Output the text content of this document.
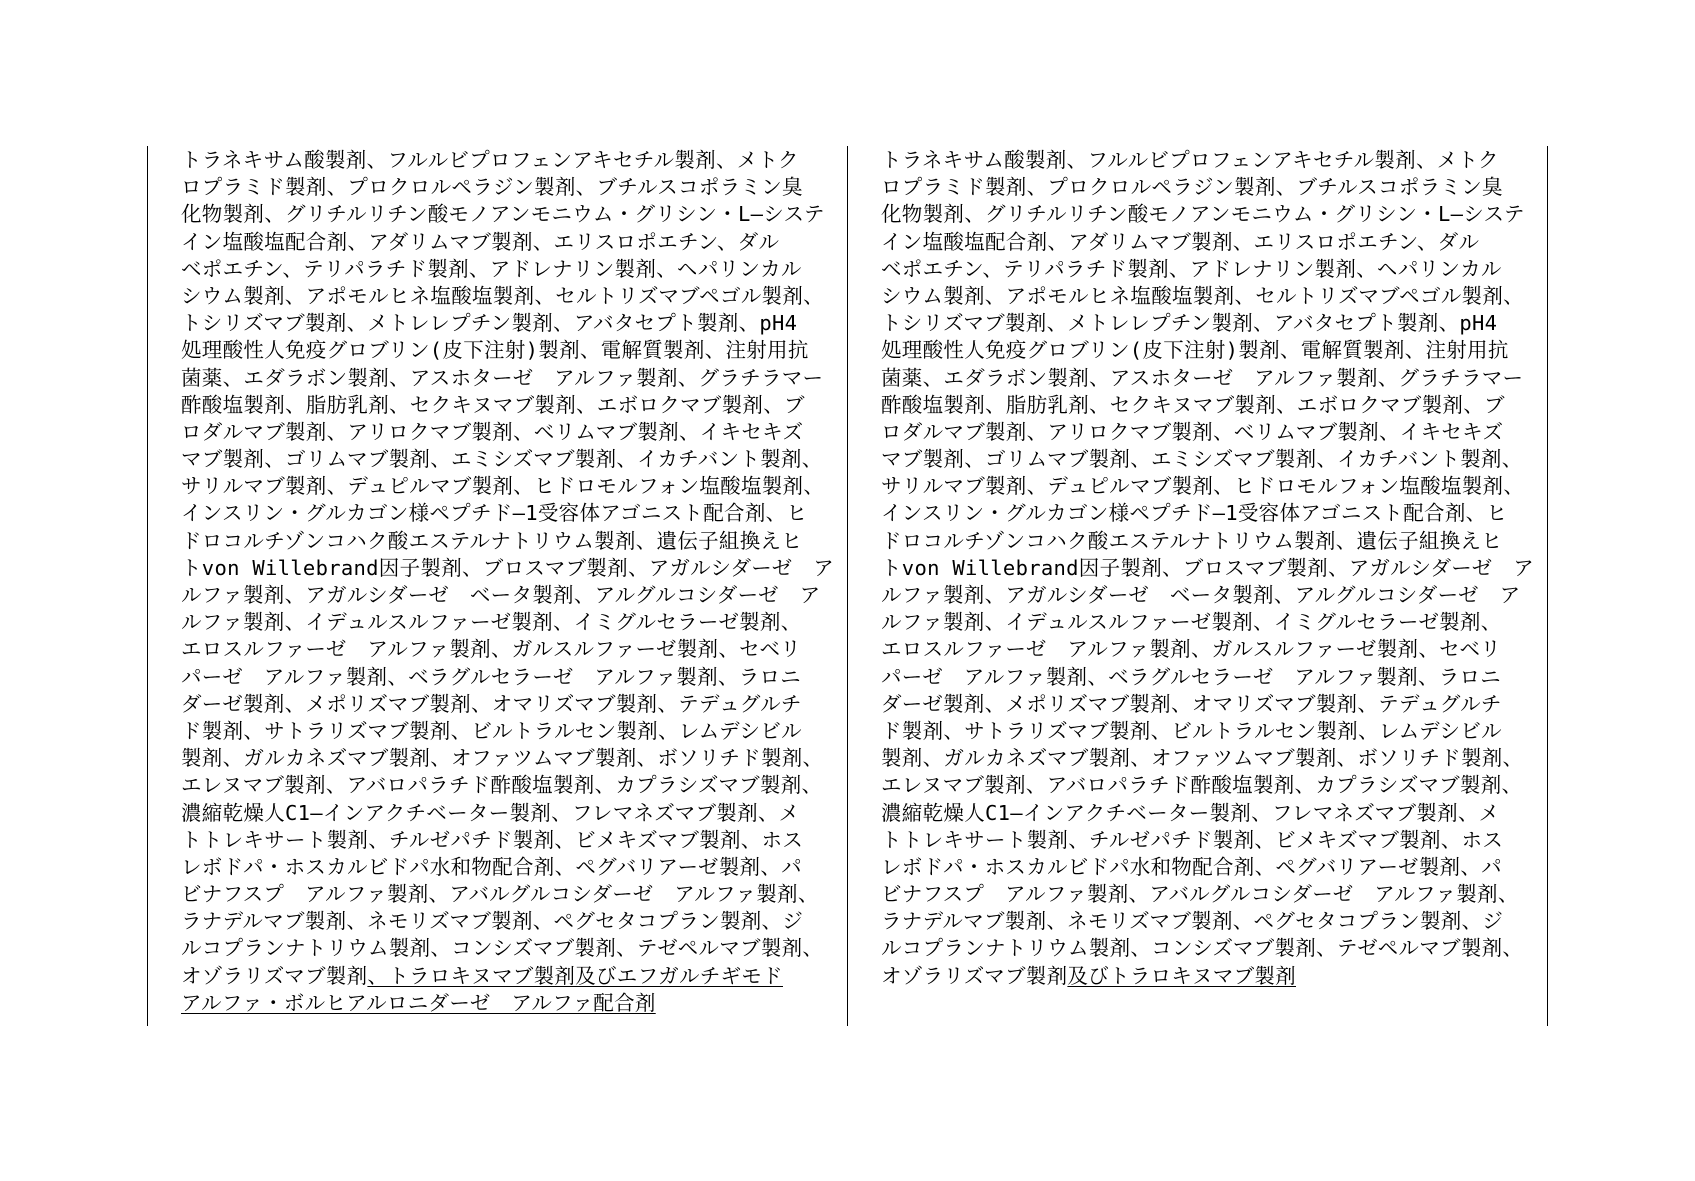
トラネキサム酸製剤、フルルビプロフェンアキセチル製剤、メトク
ロプラミド製剤、プロクロルペラジン製剤、ブチルスコポラミン臭
化物製剤、グリチルリチン酸モノアンモニウム・グリシン・L—システ
イン塩酸塩配合剤、アダリムマブ製剤、エリスロポエチン、ダル
ベポエチン、テリパラチド製剤、アドレナリン製剤、ヘパリンカル
シウム製剤、アポモルヒネ塩酸塩製剤、セルトリズマブペゴル製剤、
トシリズマブ製剤、メトレレプチン製剤、アバタセプト製剤、pH4
処理酸性人免疫グロブリン(皮下注射)製剤、電解質製剤、注射用抗
菌薬、エダラボン製剤、アスホターゼ　アルファ製剤、グラチラマー
酢酸塩製剤、脂肪乳剤、セクキヌマブ製剤、エボロクマブ製剤、ブ
ロダルマブ製剤、アリロクマブ製剤、ベリムマブ製剤、イキセキズ
マブ製剤、ゴリムマブ製剤、エミシズマブ製剤、イカチバント製剤、
サリルマブ製剤、デュピルマブ製剤、ヒドロモルフォン塩酸塩製剤、
インスリン・グルカゴン様ペプチド—1受容体アゴニスト配合剤、ヒ
ドロコルチゾンコハク酸エステルナトリウム製剤、遺伝子組換えヒ
トvon Willebrand因子製剤、ブロスマブ製剤、アガルシダーゼ　ア
ルファ製剤、アガルシダーゼ　ベータ製剤、アルグルコシダーゼ　ア
ルファ製剤、イデュルスルファーゼ製剤、イミグルセラーゼ製剤、
エロスルファーゼ　アルファ製剤、ガルスルファーゼ製剤、セベリ
パーゼ　アルファ製剤、ベラグルセラーゼ　アルファ製剤、ラロニ
ダーゼ製剤、メポリズマブ製剤、オマリズマブ製剤、テデュグルチ
ド製剤、サトラリズマブ製剤、ビルトラルセン製剤、レムデシビル
製剤、ガルカネズマブ製剤、オファツムマブ製剤、ボソリチド製剤、
エレヌマブ製剤、アバロパラチド酢酸塩製剤、カプラシズマブ製剤、
濃縮乾燥人C1—インアクチベーター製剤、フレマネズマブ製剤、メ
トトレキサート製剤、チルゼパチド製剤、ビメキズマブ製剤、ホス
レボドパ・ホスカルビドパ水和物配合剤、ペグバリアーゼ製剤、パ
ビナフスプ　アルファ製剤、アバルグルコシダーゼ　アルファ製剤、
ラナデルマブ製剤、ネモリズマブ製剤、ペグセタコプラン製剤、ジ
ルコプランナトリウム製剤、コンシズマブ製剤、テゼペルマブ製剤、
オゾラリズマブ製剤、トラロキヌマブ製剤及びエフガルチギモド
アルファ・ボルヒアルロニダーゼ　アルファ配合剤
トラネキサム酸製剤、フルルビプロフェンアキセチル製剤、メトク
ロプラミド製剤、プロクロルペラジン製剤、ブチルスコポラミン臭
化物製剤、グリチルリチン酸モノアンモニウム・グリシン・L—システ
イン塩酸塩配合剤、アダリムマブ製剤、エリスロポエチン、ダル
ベポエチン、テリパラチド製剤、アドレナリン製剤、ヘパリンカル
シウム製剤、アポモルヒネ塩酸塩製剤、セルトリズマブペゴル製剤、
トシリズマブ製剤、メトレレプチン製剤、アバタセプト製剤、pH4
処理酸性人免疫グロブリン(皮下注射)製剤、電解質製剤、注射用抗
菌薬、エダラボン製剤、アスホターゼ　アルファ製剤、グラチラマー
酢酸塩製剤、脂肪乳剤、セクキヌマブ製剤、エボロクマブ製剤、ブ
ロダルマブ製剤、アリロクマブ製剤、ベリムマブ製剤、イキセキズ
マブ製剤、ゴリムマブ製剤、エミシズマブ製剤、イカチバント製剤、
サリルマブ製剤、デュピルマブ製剤、ヒドロモルフォン塩酸塩製剤、
インスリン・グルカゴン様ペプチド—1受容体アゴニスト配合剤、ヒ
ドロコルチゾンコハク酸エステルナトリウム製剤、遺伝子組換えヒ
トvon Willebrand因子製剤、ブロスマブ製剤、アガルシダーゼ　ア
ルファ製剤、アガルシダーゼ　ベータ製剤、アルグルコシダーゼ　ア
ルファ製剤、イデュルスルファーゼ製剤、イミグルセラーゼ製剤、
エロスルファーゼ　アルファ製剤、ガルスルファーゼ製剤、セベリ
パーゼ　アルファ製剤、ベラグルセラーゼ　アルファ製剤、ラロニ
ダーゼ製剤、メポリズマブ製剤、オマリズマブ製剤、テデュグルチ
ド製剤、サトラリズマブ製剤、ビルトラルセン製剤、レムデシビル
製剤、ガルカネズマブ製剤、オファツムマブ製剤、ボソリチド製剤、
エレヌマブ製剤、アバロパラチド酢酸塩製剤、カプラシズマブ製剤、
濃縮乾燥人C1—インアクチベーター製剤、フレマネズマブ製剤、メ
トトレキサート製剤、チルゼパチド製剤、ビメキズマブ製剤、ホス
レボドパ・ホスカルビドパ水和物配合剤、ペグバリアーゼ製剤、パ
ビナフスプ　アルファ製剤、アバルグルコシダーゼ　アルファ製剤、
ラナデルマブ製剤、ネモリズマブ製剤、ペグセタコプラン製剤、ジ
ルコプランナトリウム製剤、コンシズマブ製剤、テゼペルマブ製剤、
オゾラリズマブ製剤及びトラロキヌマブ製剤
